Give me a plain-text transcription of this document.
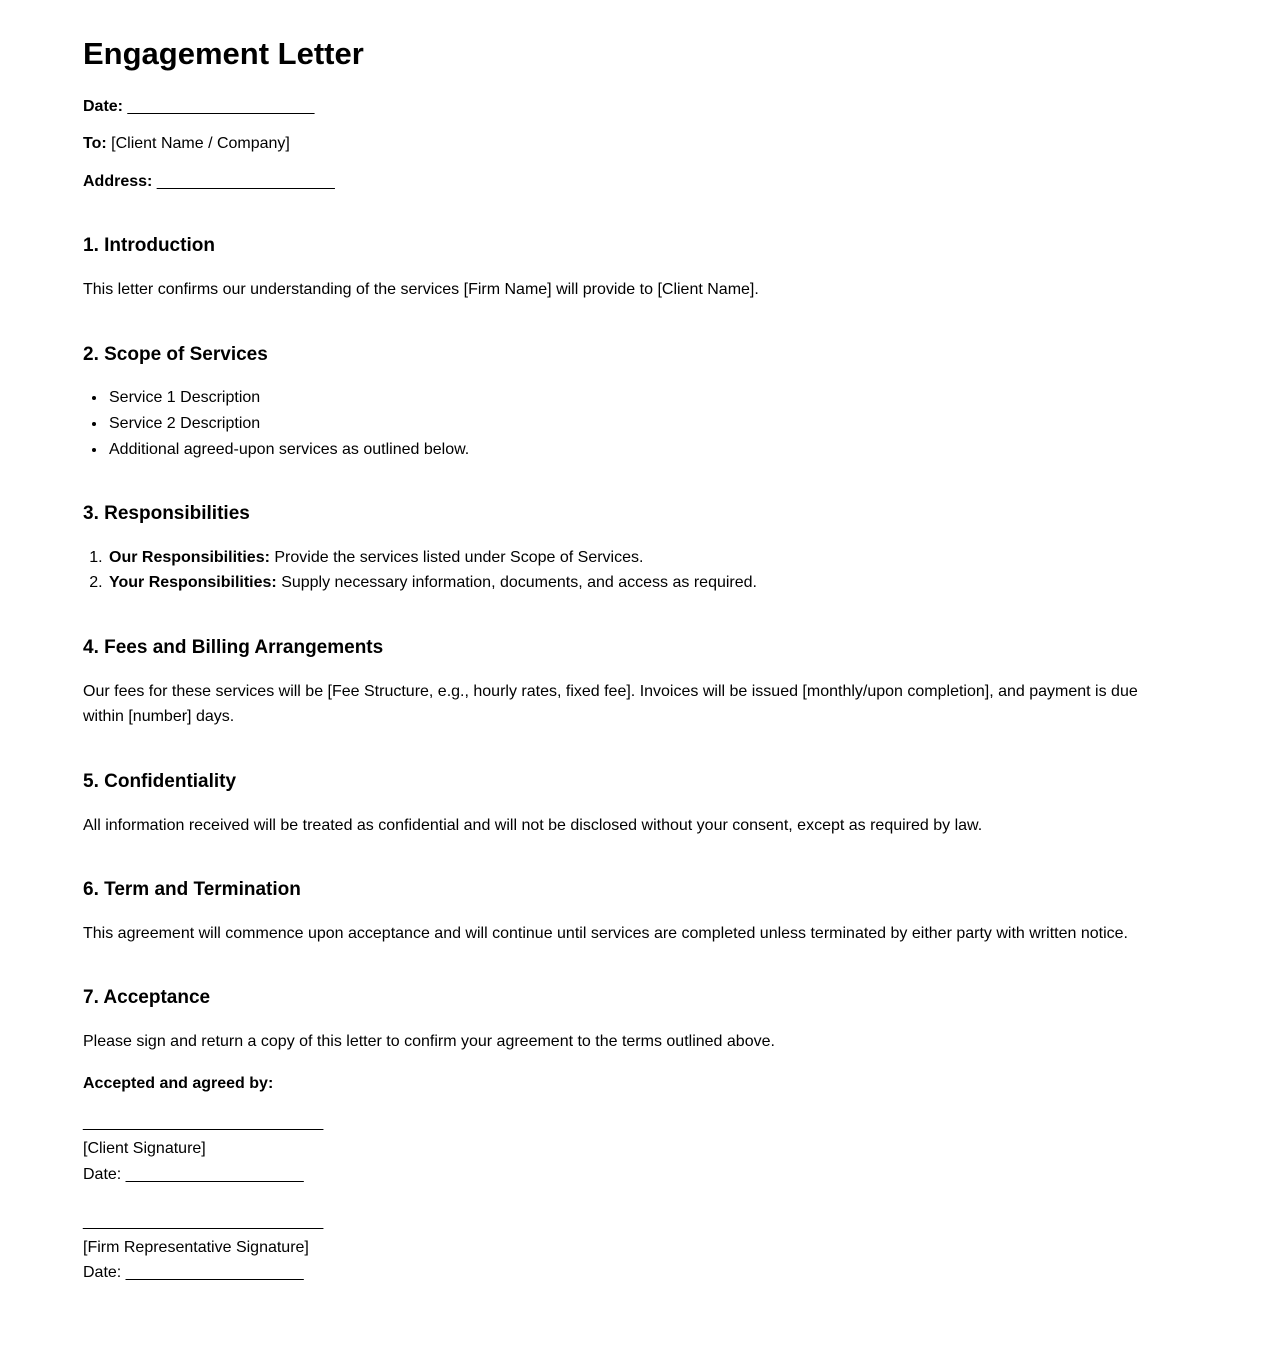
Engagement Letter

Date: _____________________

To: [Client Name / Company]

Address: ____________________

1. Introduction

This letter confirms our understanding of the services [Firm Name] will provide to [Client Name].

2. Scope of Services
• Service 1 Description
• Service 2 Description
• Additional agreed-upon services as outlined below.
3. Responsibilities
1. Our Responsibilities: Provide the services listed under Scope of Services.
2. Your Responsibilities: Supply necessary information, documents, and access as required.
4. Fees and Billing Arrangements

Our fees for these services will be [Fee Structure, e.g., hourly rates, fixed fee]. Invoices will be issued [monthly/upon completion], and payment is due within [number] days.

5. Confidentiality

All information received will be treated as confidential and will not be disclosed without your consent, except as required by law.

6. Term and Termination

This agreement will commence upon acceptance and will continue until services are completed unless terminated by either party with written notice.

7. Acceptance

Please sign and return a copy of this letter to confirm your agreement to the terms outlined above.

Accepted and agreed by:

___________________________
[Client Signature]
Date: ____________________
___________________________
[Firm Representative Signature]
Date: ____________________
